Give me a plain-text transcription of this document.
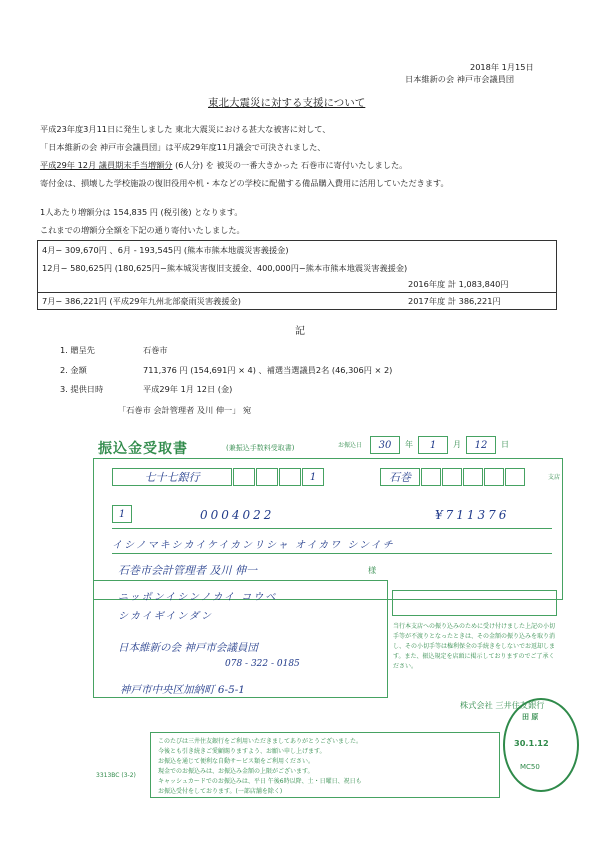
2018年 1月15日
日本維新の会 神戸市会議員団
東北大震災に対する支援について
平成23年度3月11日に発生しました 東北大震災における甚大な被害に対して、
「日本維新の会 神戸市会議員団」は平成29年度11月議会で可決されました、
平成29年 12月 議員期末手当増額分 (6人分) を 被災の一番大きかった 石巻市に寄付いたしました。
寄付金は、損壊した学校施設の復旧役用や机・本などの学校に配備する備品購入費用に活用していただきます。
1人あたり増額分は 154,835 円 (税引後) となります。
これまでの増額分全額を下記の通り寄付いたしました。
4月− 309,670円 、6月 - 193,545円 (熊本市熊本地震災害義援金)
12月− 580,625円 (180,625円−熊本城災害復旧支援金、400,000円−熊本市熊本地震災害義援金)
2016年度 計 1,083,840円
7月− 386,221円 (平成29年九州北部豪雨災害義援金)	2017年度 計 386,221円
記
1. 贈呈先	石巻市
2. 金額	711,376 円 (154,691円 × 4) 、補選当選議員2名 (46,306円 × 2)
3. 提供日時	平成29年 1月 12日 (金)
「石巻市 会計管理者 及川 伸一」 宛
振込金受取書	(兼振込手数料受取書)	お振込日	30	年	1	月	12	日
七十七銀行	1	石巻	支店
1	0004022	¥711376
イシノマキシカイケイカンリシャ オイカワ シンイチ
石巻市会計管理者 及川 伸一	様
ニッポンイシンノカイ コウベ
シカイギインダン
日本維新の会 神戸市会議員団
078 - 322 - 0185
神戸市中央区加納町 6-5-1
当行本支店への振り込みのために受け付けました上記の小切手等が不渡りとなったときは、その金額の振り込みを取り消し、その小切手等は権利保全の手続きをしないでお返却します。また、振込規定を店頭に掲示しておりますのでご了承ください。
株式会社 三井住友銀行
このたびは三井住友銀行をご利用いただきましてありがとうございました。
今後とも引き続きご愛顧賜りますよう、お願い申し上げます。
お振込を通じて便利な自動サービス類をご利用ください。
現金でのお振込みは、お振込み金額の上限がございます。
キャッシュカードでのお振込みは、平日 午後6時以降、土・日曜日、祝日も
お振込受付をしております。(一部店舗を除く)
3313BC (3-2)
田 原
30.1.12
MC50
